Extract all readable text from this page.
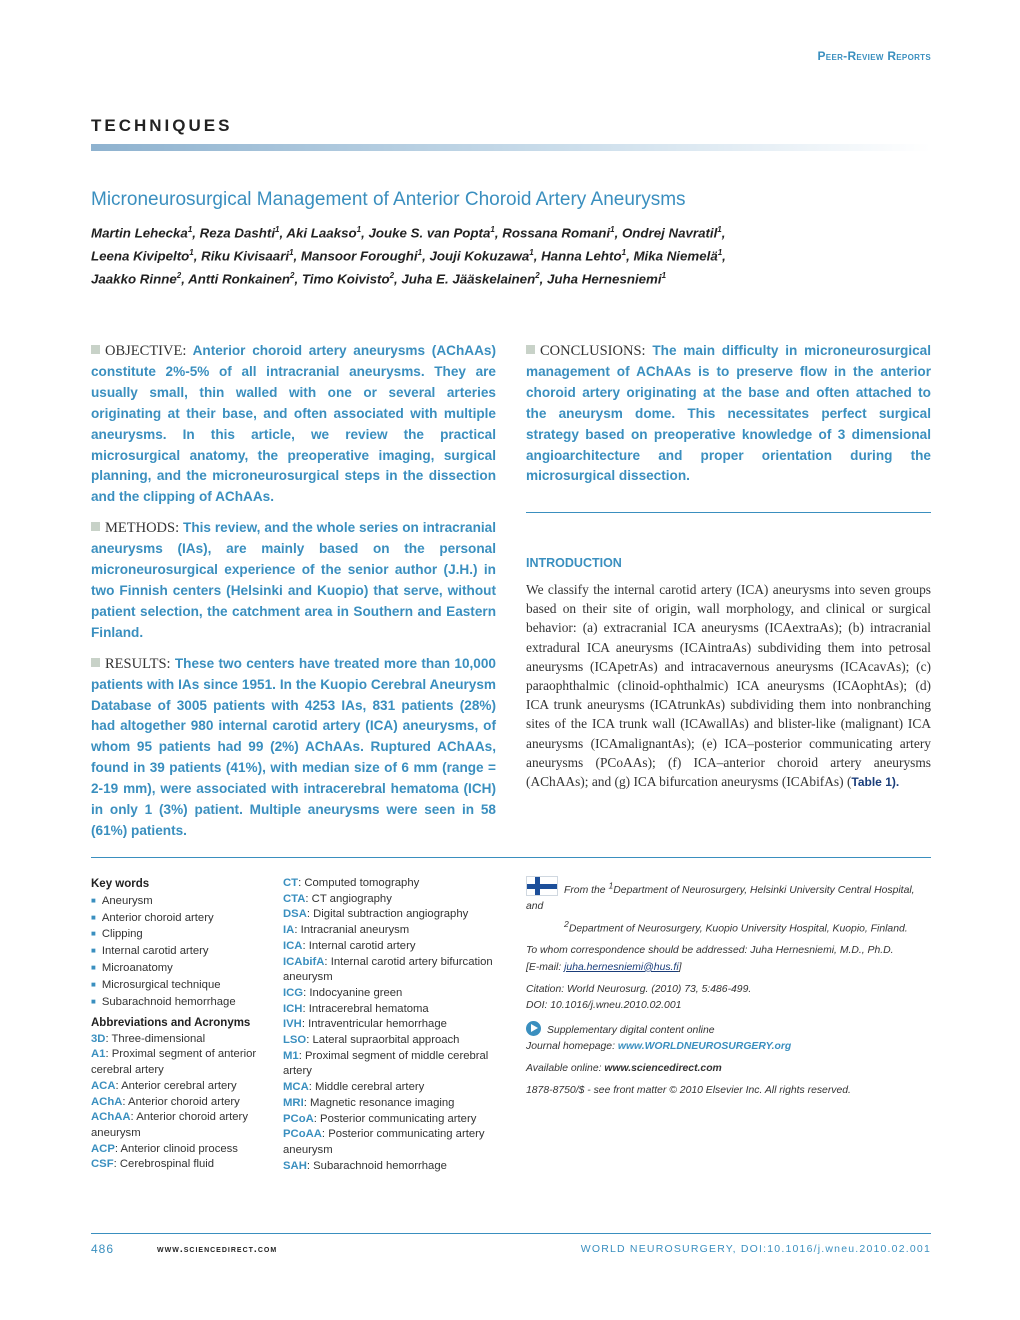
Peer-Review Reports
TECHNIQUES
Microneurosurgical Management of Anterior Choroid Artery Aneurysms
Martin Lehecka$^1$, Reza Dashti$^1$, Aki Laakso$^1$, Jouke S. van Popta$^1$, Rossana Romani$^1$, Ondrej Navratil$^1$,
Leena Kivipelto$^1$, Riku Kivisaari$^1$, Mansoor Foroughi$^1$, Jouji Kokuzawa$^1$, Hanna Lehto$^1$, Mika Niemelä$^1$,
Jaakko Rinne$^2$, Antti Ronkainen$^2$, Timo Koivisto$^2$, Juha E. Jääskelainen$^2$, Juha Hernesniemi$^1$
OBJECTIVE: Anterior choroid artery aneurysms (AChAAs) constitute 2%-5% of all intracranial aneurysms. They are usually small, thin walled with one or several arteries originating at their base, and often associated with multiple aneurysms. In this article, we review the practical microsurgical anatomy, the preoperative imaging, surgical planning, and the microneurosurgical steps in the dissection and the clipping of AChAAs.
METHODS: This review, and the whole series on intracranial aneurysms (IAs), are mainly based on the personal microneurosurgical experience of the senior author (J.H.) in two Finnish centers (Helsinki and Kuopio) that serve, without patient selection, the catchment area in Southern and Eastern Finland.
RESULTS: These two centers have treated more than 10,000 patients with IAs since 1951. In the Kuopio Cerebral Aneurysm Database of 3005 patients with 4253 IAs, 831 patients (28%) had altogether 980 internal carotid artery (ICA) aneurysms, of whom 95 patients had 99 (2%) AChAAs. Ruptured AChAAs, found in 39 patients (41%), with median size of 6 mm (range = 2-19 mm), were associated with intracerebral hematoma (ICH) in only 1 (3%) patient. Multiple aneurysms were seen in 58 (61%) patients.
CONCLUSIONS: The main difficulty in microneurosurgical management of AChAAs is to preserve flow in the anterior choroid artery originating at the base and often attached to the aneurysm dome. This necessitates perfect surgical strategy based on preoperative knowledge of 3 dimensional angioarchitecture and proper orientation during the microsurgical dissection.
INTRODUCTION
We classify the internal carotid artery (ICA) aneurysms into seven groups based on their site of origin, wall morphology, and clinical or surgical behavior: (a) extracranial ICA aneurysms (ICAextraAs); (b) intracranial extradural ICA aneurysms (ICAintraAs) subdividing them into petrosal aneurysms (ICApetrAs) and intracavernous aneurysms (ICAcavAs); (c) paraophthalmic (clinoid-ophthalmic) ICA aneurysms (ICAophtAs); (d) ICA trunk aneurysms (ICAtrunkAs) subdividing them into nonbranching sites of the ICA trunk wall (ICAwallAs) and blister-like (malignant) ICA aneurysms (ICAmalignantAs); (e) ICA–posterior communicating artery aneurysms (PCoAAs); (f) ICA–anterior choroid artery aneurysms (AChAAs); and (g) ICA bifurcation aneurysms (ICAbifAs) (Table 1).
Key words
■ Aneurysm
■ Anterior choroid artery
■ Clipping
■ Internal carotid artery
■ Microanatomy
■ Microsurgical technique
■ Subarachnoid hemorrhage
Abbreviations and Acronyms
3D: Three-dimensional
A1: Proximal segment of anterior cerebral artery
ACA: Anterior cerebral artery
AChA: Anterior choroid artery
AChAA: Anterior choroid artery aneurysm
ACP: Anterior clinoid process
CSF: Cerebrospinal fluid
CT: Computed tomography
CTA: CT angiography
DSA: Digital subtraction angiography
IA: Intracranial aneurysm
ICA: Internal carotid artery
ICAbifA: Internal carotid artery bifurcation aneurysm
ICG: Indocyanine green
ICH: Intracerebral hematoma
IVH: Intraventricular hemorrhage
LSO: Lateral supraorbital approach
M1: Proximal segment of middle cerebral artery
MCA: Middle cerebral artery
MRI: Magnetic resonance imaging
PCoA: Posterior communicating artery
PCoAA: Posterior communicating artery aneurysm
SAH: Subarachnoid hemorrhage
From the $^1$Department of Neurosurgery, Helsinki University Central Hospital, and
$^2$Department of Neurosurgery, Kuopio University Hospital, Kuopio, Finland.
To whom correspondence should be addressed: Juha Hernesniemi, M.D., Ph.D.
[E-mail: juha.hernesniemi@hus.fi]
Citation: World Neurosurg. (2010) 73, 5:486-499.
DOI: 10.1016/j.wneu.2010.02.001
Supplementary digital content online
Journal homepage: www.WORLDNEUROSURGERY.org
Available online: www.sciencedirect.com
1878-8750/$ - see front matter © 2010 Elsevier Inc. All rights reserved.
486	www.sciencedirect.com	WORLD NEUROSURGERY, DOI:10.1016/j.wneu.2010.02.001
